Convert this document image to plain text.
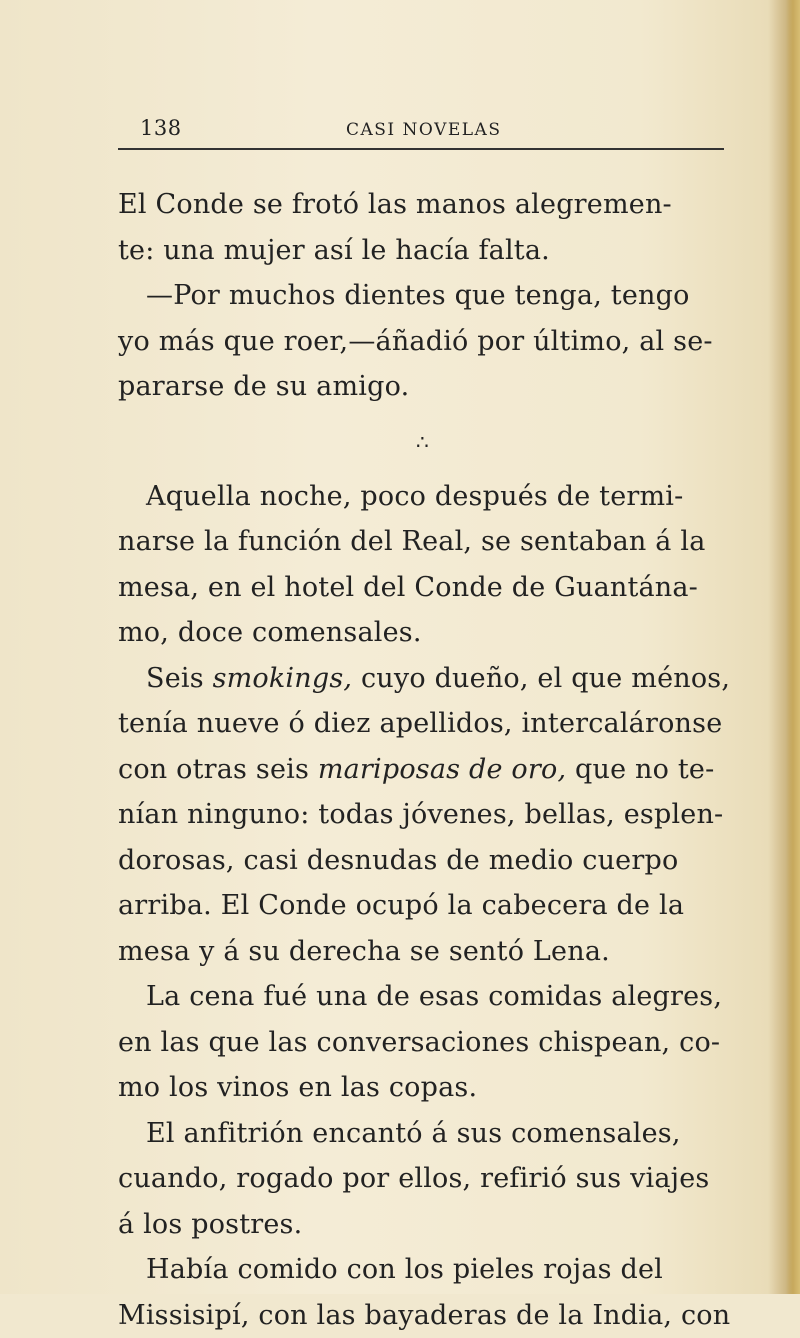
138	CASI NOVELAS
El Conde se frotó las manos alegremen-
te: una mujer así le hacía falta.
—Por muchos dientes que tenga, tengo
yo más que roer,—áñadió por último, al se-
pararse de su amigo.
∴
Aquella noche, poco después de termi-
narse la función del Real, se sentaban á la
mesa, en el hotel del Conde de Guantána-
mo, doce comensales.
Seis smokings, cuyo dueño, el que ménos,
tenía nueve ó diez apellidos, intercaláronse
con otras seis mariposas de oro, que no te-
nían ninguno: todas jóvenes, bellas, esplen-
dorosas, casi desnudas de medio cuerpo
arriba. El Conde ocupó la cabecera de la
mesa y á su derecha se sentó Lena.
La cena fué una de esas comidas alegres,
en las que las conversaciones chispean, co-
mo los vinos en las copas.
El anfitrión encantó á sus comensales,
cuando, rogado por ellos, refirió sus viajes
á los postres.
Había comido con los pieles rojas del
Missisipí, con las bayaderas de la India, con
